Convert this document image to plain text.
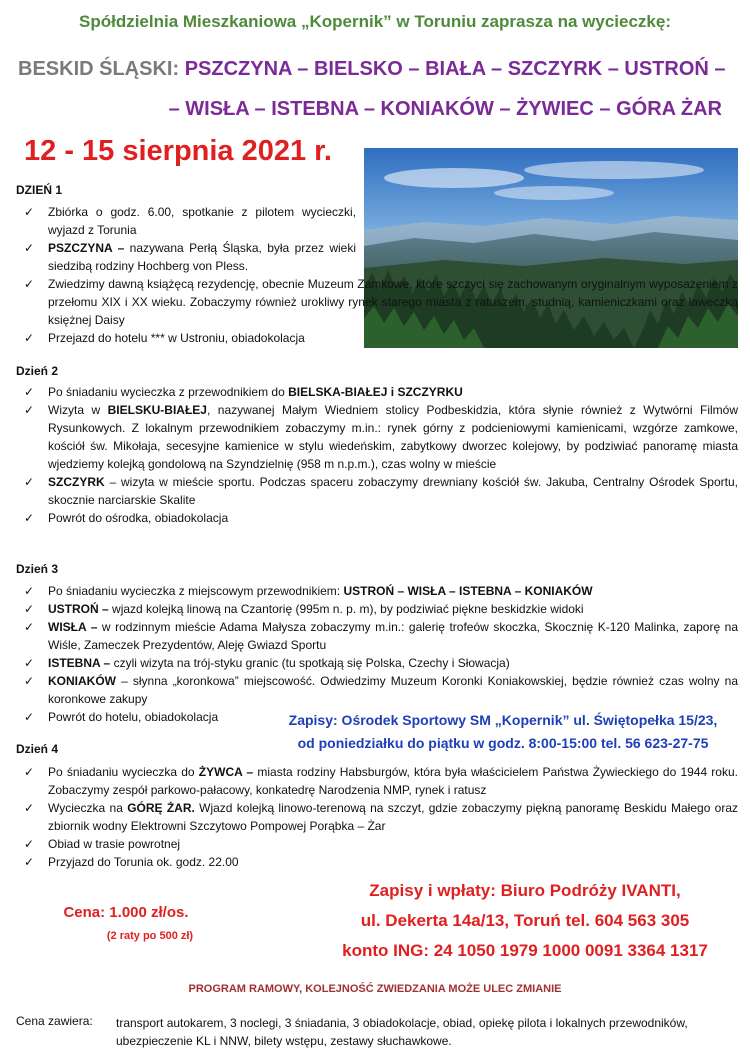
Spółdzielnia Mieszkaniowa „Kopernik” w Toruniu zaprasza na wycieczkę:
BESKID ŚLĄSKI: PSZCZYNA – BIELSKO – BIAŁA – SZCZYRK – USTROŃ –
– WISŁA – ISTEBNA – KONIAKÓW – ŻYWIEC – GÓRA ŻAR
12 - 15 sierpnia 2021 r.
DZIEŃ 1
✓ Zbiórka o godz. 6.00, spotkanie z pilotem wycieczki, wyjazd z Torunia
✓ PSZCZYNA – nazywana Perłą Śląska, była przez wieki siedzibą rodziny Hochberg von Pless.
✓ Zwiedzimy dawną książęcą rezydencję, obecnie Muzeum Zamkowe, które szczyci się zachowanym oryginalnym wyposażeniem z przełomu XIX i XX wieku. Zobaczymy również urokliwy rynek starego miasta z ratuszem, studnią, kamieniczkami oraz ławeczką księżnej Daisy
✓ Przejazd do hotelu *** w Ustroniu, obiadokolacja
Dzień 2
✓ Po śniadaniu wycieczka z przewodnikiem do BIELSKA-BIAŁEJ i SZCZYRKU
✓ Wizyta w BIELSKU-BIAŁEJ, nazywanej Małym Wiedniem stolicy Podbeskidzia, która słynie również z Wytwórni Filmów Rysunkowych. Z lokalnym przewodnikiem zobaczymy m.in.: rynek górny z podcieniowymi kamienicami, wzgórze zamkowe, kościół św. Mikołaja, secesyjne kamienice w stylu wiedeńskim, zabytkowy dworzec kolejowy, by podziwiać panoramę miasta wjedziemy kolejką gondolową na Szyndzielnię (958 m n.p.m.), czas wolny w mieście
✓ SZCZYRK – wizyta w mieście sportu. Podczas spaceru zobaczymy drewniany kościół św. Jakuba, Centralny Ośrodek Sportu, skocznie narciarskie Skalite
✓ Powrót do ośrodka, obiadokolacja
Dzień 3
✓ Po śniadaniu wycieczka z miejscowym przewodnikiem: USTROŃ – WISŁA – ISTEBNA – KONIAKÓW
✓ USTROŃ – wjazd kolejką linową na Czantorię (995m n. p. m), by podziwiać piękne beskidzkie widoki
✓ WISŁA – w rodzinnym mieście Adama Małysza zobaczymy m.in.: galerię trofeów skoczka, Skocznię K-120 Malinka, zaporę na Wiśle, Zameczek Prezydentów, Aleję Gwiazd Sportu
✓ ISTEBNA – czyli wizyta na trój-styku granic (tu spotkają się Polska, Czechy i Słowacja)
✓ KONIAKÓW – słynna „koronkowa” miejscowość. Odwiedzimy Muzeum Koronki Koniakowskiej, będzie również czas wolny na koronkowe zakupy
✓ Powrót do hotelu, obiadokolacja	Zapisy: Ośrodek Sportowy SM „Kopernik” ul. Świętopełka 15/23,
od poniedziałku do piątku w godz. 8:00-15:00 tel. 56 623-27-75
Dzień 4
✓ Po śniadaniu wycieczka do ŻYWCA – miasta rodziny Habsburgów, która była właścicielem Państwa Żywieckiego do 1944 roku. Zobaczymy zespół parkowo-pałacowy, konkatedrę Narodzenia NMP, rynek i ratusz
✓ Wycieczka na GÓRĘ ŻAR. Wjazd kolejką linowo-terenową na szczyt, gdzie zobaczymy piękną panoramę Beskidu Małego oraz zbiornik wodny Elektrowni Szczytowo Pompowej Porąbka – Żar
✓ Obiad w trasie powrotnej
✓ Przyjazd do Torunia ok. godz. 22.00
Zapisy i wpłaty: Biuro Podróży IVANTI,
ul. Dekerta 14a/13, Toruń tel. 604 563 305
konto ING: 24 1050 1979 1000 0091 3364 1317
Cena: 1.000 zł/os.
(2 raty po 500 zł)
PROGRAM RAMOWY, KOLEJNOŚĆ ZWIEDZANIA MOŻE ULEC ZMIANIE
Cena zawiera: transport autokarem, 3 noclegi, 3 śniadania, 3 obiadokolacje, obiad, opiekę pilota i lokalnych przewodników, ubezpieczenie KL i NNW, bilety wstępu, zestawy słuchawkowe.
